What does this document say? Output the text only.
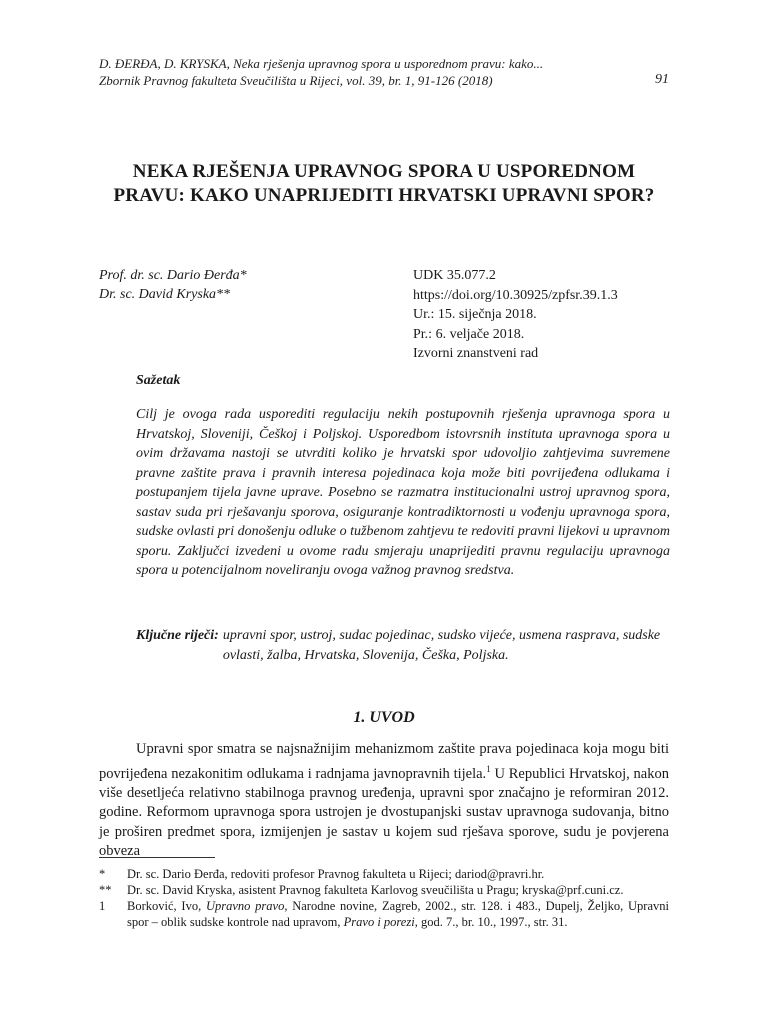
D. ĐERĐA, D. KRYSKA, Neka rješenja upravnog spora u usporednom pravu: kako...
Zbornik Pravnog fakulteta Sveučilišta u Rijeci, vol. 39, br. 1, 91-126 (2018)	91
NEKA RJEŠENJA UPRAVNOG SPORA U USPOREDNOM PRAVU: KAKO UNAPRIJEDITI HRVATSKI UPRAVNI SPOR?
Prof. dr. sc. Dario Đerđa*
Dr. sc. David Kryska**
UDK 35.077.2
https://doi.org/10.30925/zpfsr.39.1.3
Ur.: 15. siječnja 2018.
Pr.: 6. veljače 2018.
Izvorni znanstveni rad
Sažetak
Cilj je ovoga rada usporediti regulaciju nekih postupovnih rješenja upravnoga spora u Hrvatskoj, Sloveniji, Češkoj i Poljskoj. Usporedbom istovrsnih instituta upravnoga spora u ovim državama nastoji se utvrditi koliko je hrvatski spor udovoljio zahtjevima suvremene pravne zaštite prava i pravnih interesa pojedinaca koja može biti povrijeđena odlukama i postupanjem tijela javne uprave. Posebno se razmatra institucionalni ustroj upravnog spora, sastav suda pri rješavanju sporova, osiguranje kontradiktornosti u vođenju upravnoga spora, sudske ovlasti pri donošenju odluke o tužbenom zahtjevu te redoviti pravni lijekovi u upravnom sporu. Zaključci izvedeni u ovome radu smjeraju unaprijediti pravnu regulaciju upravnoga spora u potencijalnom noveliranju ovoga važnog pravnog sredstva.
Ključne riječi: upravni spor, ustroj, sudac pojedinac, sudsko vijeće, usmena rasprava, sudske ovlasti, žalba, Hrvatska, Slovenija, Češka, Poljska.
1. UVOD
Upravni spor smatra se najsnažnijim mehanizmom zaštite prava pojedinaca koja mogu biti povrijeđena nezakonitim odlukama i radnjama javnopravnih tijela.$^1$ U Republici Hrvatskoj, nakon više desetljeća relativno stabilnoga pravnog uređenja, upravni spor značajno je reformiran 2012. godine. Reformom upravnoga spora ustrojen je dvostupanjski sustav upravnoga sudovanja, bitno je proširen predmet spora, izmijenjen je sastav u kojem sud rješava sporove, sudu je povjerena obveza
*	Dr. sc. Dario Đerđa, redoviti profesor Pravnog fakulteta u Rijeci; dariod@pravri.hr.
**	Dr. sc. David Kryska, asistent Pravnog fakulteta Karlovog sveučilišta u Pragu; kryska@prf.cuni.cz.
1	Borković, Ivo, Upravno pravo, Narodne novine, Zagreb, 2002., str. 128. i 483., Dupelj, Željko, Upravni spor – oblik sudske kontrole nad upravom, Pravo i porezi, god. 7., br. 10., 1997., str. 31.
